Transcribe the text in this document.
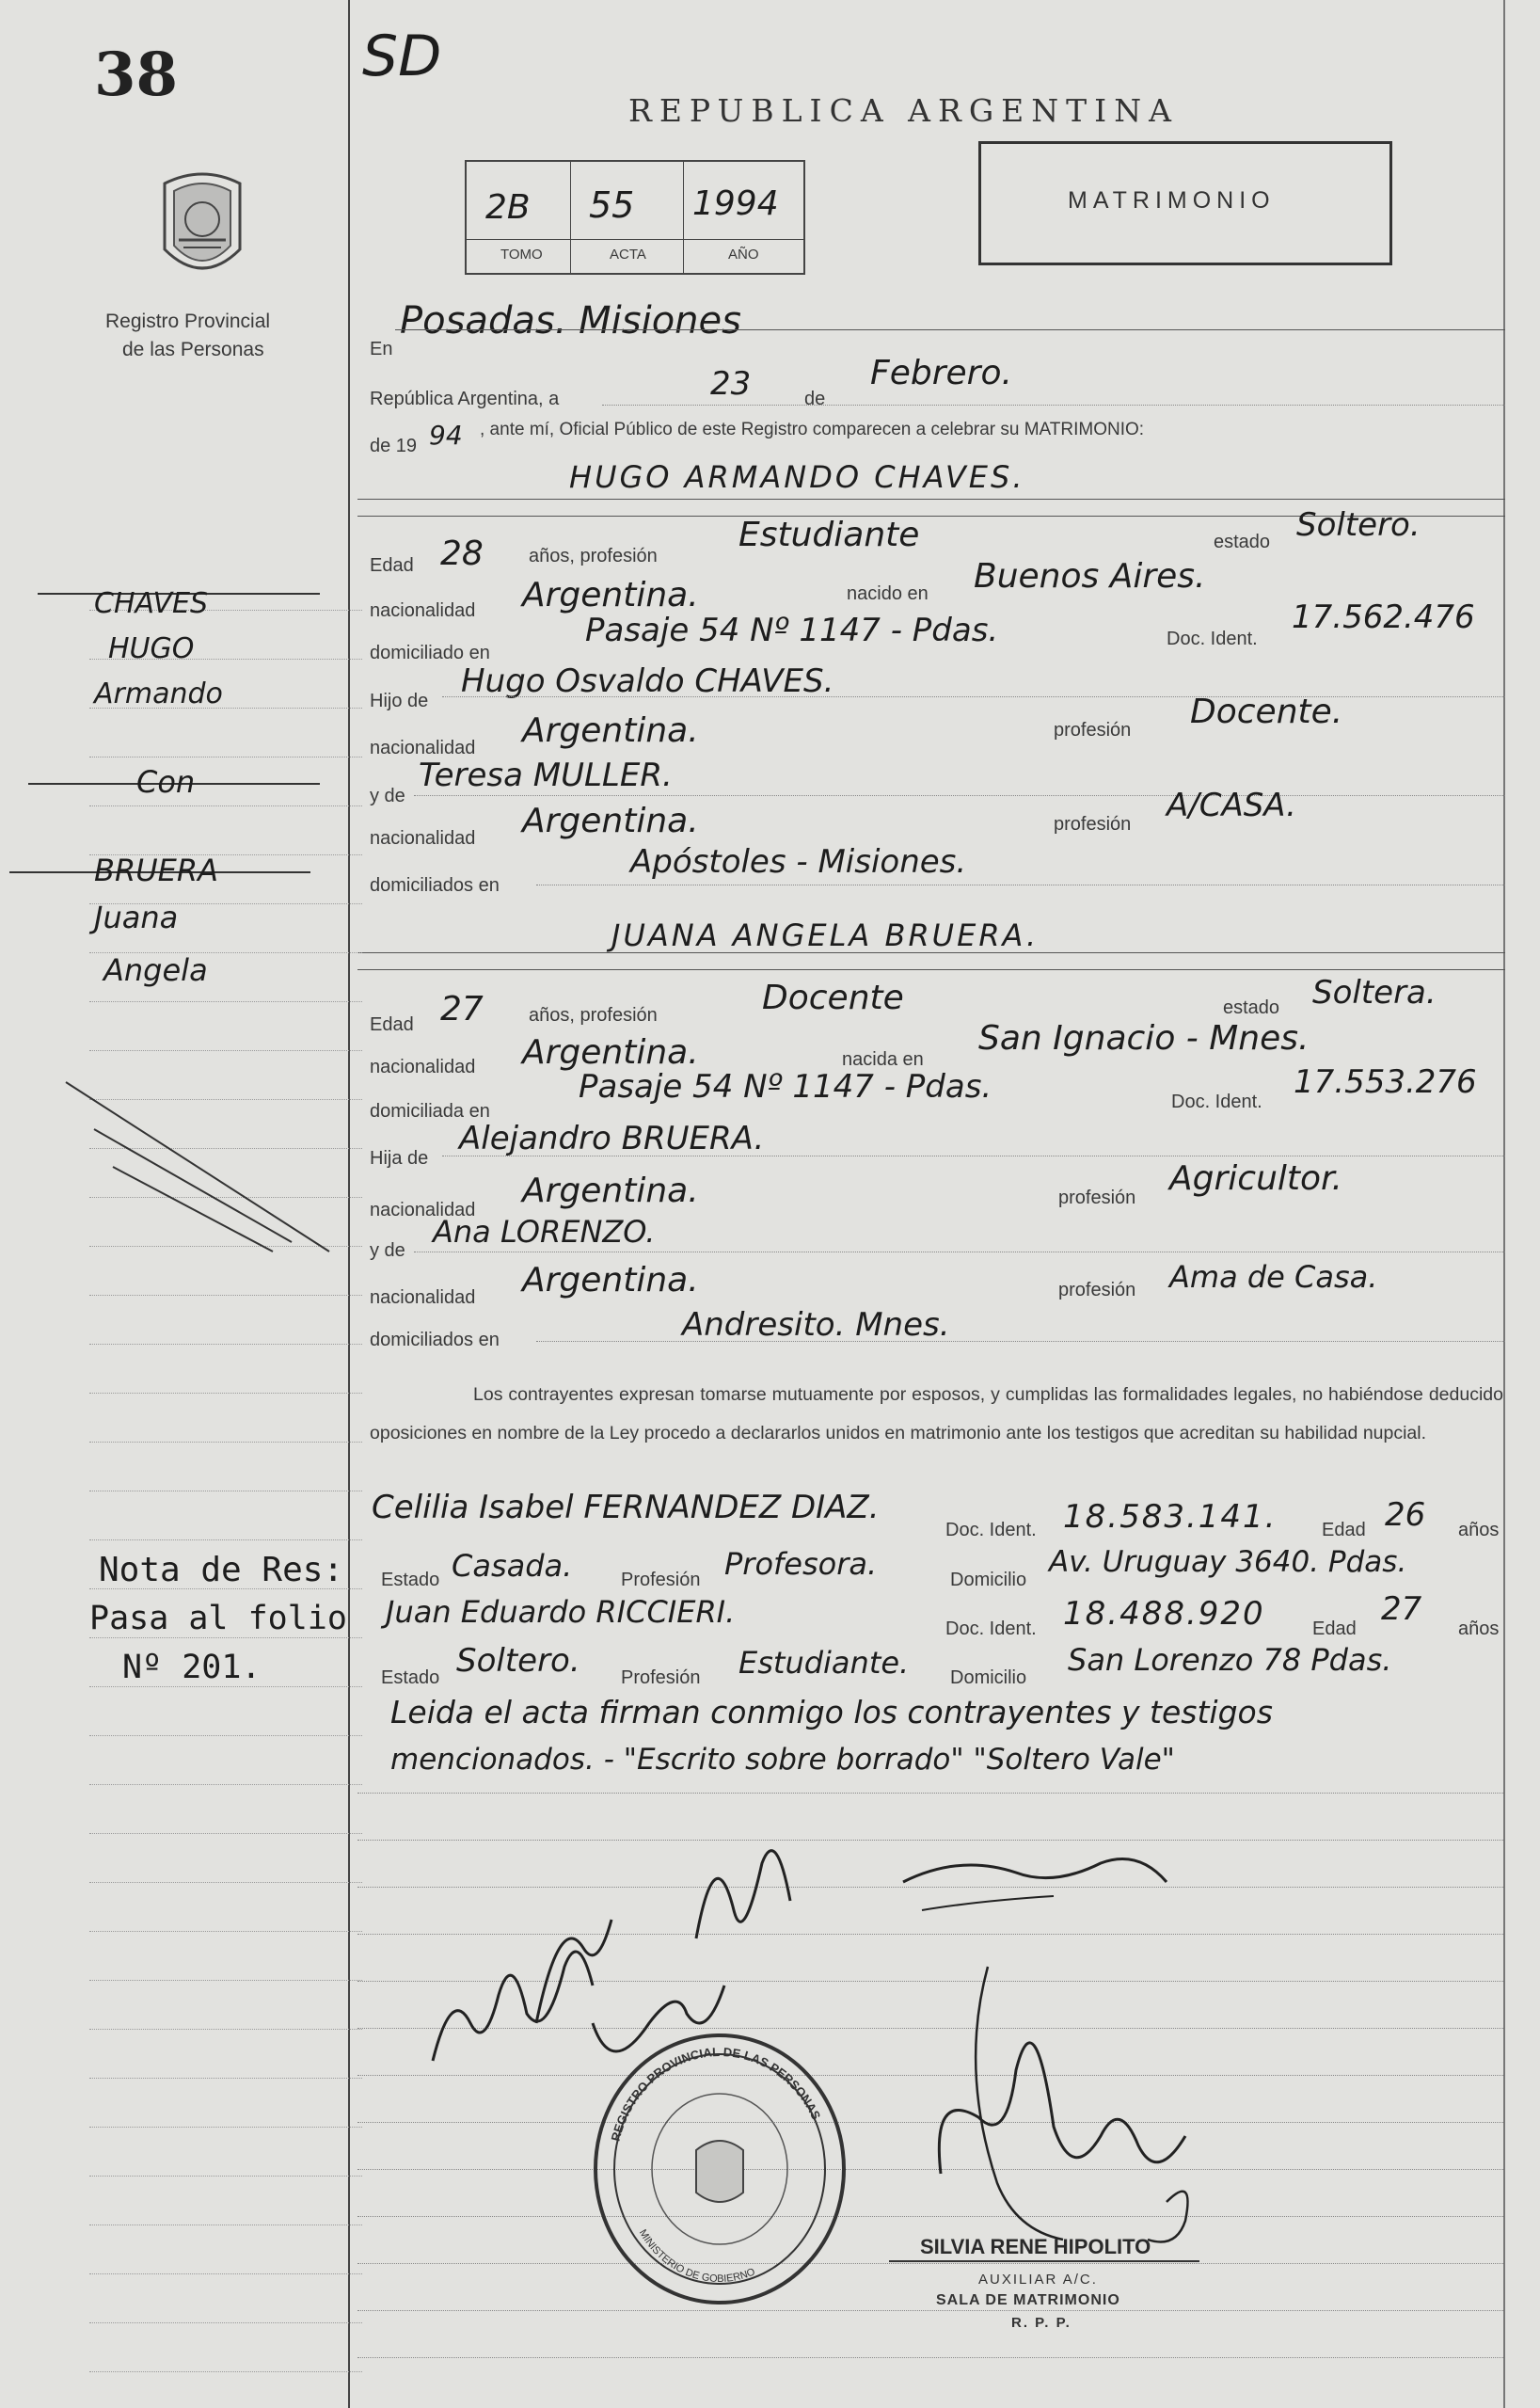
38
Registro Provincial
de las Personas
SD
REPUBLICA ARGENTINA
2B 55 1994
TOMO	ACTA	AÑO
MATRIMONIO
En
Posadas. Misiones
República Argentina, a	23	de
Febrero.
de 19 94 , ante mí, Oficial Público de este Registro comparecen a celebrar su MATRIMONIO:
HUGO ARMANDO CHAVES.
Edad 28 años, profesión
Estudiante	estado Soltero.
nacionalidad Argentina.	nacido en Buenos Aires.
domiciliado en
Pasaje 54 Nº 1147 - Pdas.	Doc. Ident.
17.562.476
Hijo de
Hugo Osvaldo CHAVES.
nacionalidad Argentina.	profesión Docente.
y de
Teresa MULLER.
nacionalidad Argentina.	profesión A/CASA.
domiciliados en
Apóstoles - Misiones.
JUANA ANGELA BRUERA.
Edad 27 años, profesión	Docente	estado Soltera.
nacionalidad Argentina.	nacida en
San Ignacio - Mnes.
domiciliada en
Pasaje 54 Nº 1147 - Pdas.	Doc. Ident.
17.553.276
Hija de
Alejandro BRUERA.
nacionalidad Argentina.	profesión Agricultor.
y de
Ana LORENZO.
nacionalidad Argentina.	profesión Ama de Casa.
domiciliados en	Andresito. Mnes.
Los contrayentes expresan tomarse mutuamente por esposos, y cumplidas las formalidades legales, no habiéndose deducido oposiciones en nombre de la Ley procedo a declararlos unidos en matrimonio ante los testigos que acreditan su habilidad nupcial.
Celilia Isabel FERNANDEZ DIAZ.
Doc. Ident. 18.583.141. Edad 26 años
Estado Casada.	Profesión Profesora.	Domicilio
Av. Uruguay 3640. Pdas.
Juan Eduardo RICCIERI.	Doc. Ident. 18.488.920	Edad
27
años
Estado Soltero. Profesión Estudiante. Domicilio San Lorenzo 78 Pdas.
Leida el acta firman conmigo los contrayentes y testigos
mencionados. - "Escrito sobre borrado" "Soltero Vale"
REGISTRO PROVINCIAL DE LAS PERSONAS
MINISTERIO DE GOBIERNO
SILVIA RENE HIPOLITO
AUXILIAR A/C.
SALA DE MATRIMONIO
R. P. P.
CHAVES
HUGO
Armando
Con
BRUERA
Juana
Angela
Nota de Res:
Pasa al folio
Nº 201.
